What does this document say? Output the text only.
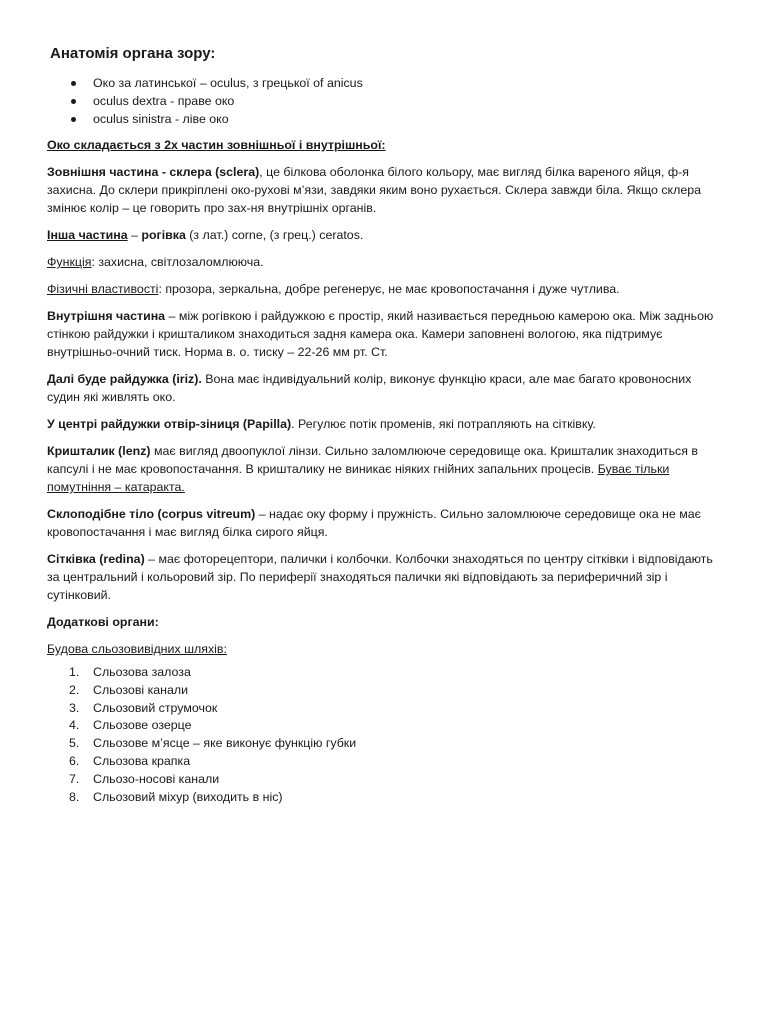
Анатомія органа зору:
Око за латинської – oculus, з грецької of anicus
oculus dextra - праве око
oculus sinistra - ліве око
Око складається з 2х частин зовнішньої і внутрішньої:
Зовнішня частина - склера (sclera), це білкова оболонка білого кольору, має вигляд білка вареного яйця, ф-я захисна. До склери прикріплені око-рухові м’язи, завдяки яким воно рухається. Склера завжди біла. Якщо склера змінює колір – це говорить про зах-ня внутрішніх органів.
Інша частина – рогівка (з лат.) corne, (з грец.) ceratos.
Функція: захисна, світлозаломлююча.
Фізичні властивості: прозора, зеркальна, добре регенерує, не має кровопостачання і дуже чутлива.
Внутрішня частина – між рогівкою і райдужкою є простір, який називається передньою камерою ока. Між задньою стінкою райдужки і кришталиком знаходиться задня камера ока. Камери заповнені вологою, яка підтримує внутрішньо-очний тиск. Норма в. о. тиску – 22-26 мм рт. Ст.
Далі буде райдужка (iriz). Вона має індивідуальний колір, виконує функцію краси, але має багато кровоносних судин які живлять око.
У центрі райдужки отвір-зіниця (Papilla). Регулює потік променів, які потрапляють на сітківку.
Кришталик (lenz) має вигляд двоопуклої лінзи. Сильно заломлююче середовище ока. Кришталик знаходиться в капсулі і не має кровопостачання. В кришталику не виникає ніяких гнійних запальних процесів. Буває тільки помутніння – катаракта.
Склоподібне тіло (corpus vitreum) – надає оку форму і пружність. Сильно заломлююче середовище ока не має кровопостачання і має вигляд білка сирого яйця.
Сітківка (redina) – має фоторецептори, палички і колбочки. Колбочки знаходяться по центру сітківки і відповідають за центральний і кольоровий зір. По периферії знаходяться палички які відповідають за периферичний зір і сутінковий.
Додаткові органи:
Будова сльозовивідних шляхів:
1. Сльозова залоза
2. Сльозові канали
3. Сльозовий струмочок
4. Сльозове озерце
5. Сльозове м’ясце – яке виконує функцію губки
6. Сльозова крапка
7. Сльозо-носові канали
8. Сльозовий міхур (виходить в ніс)
